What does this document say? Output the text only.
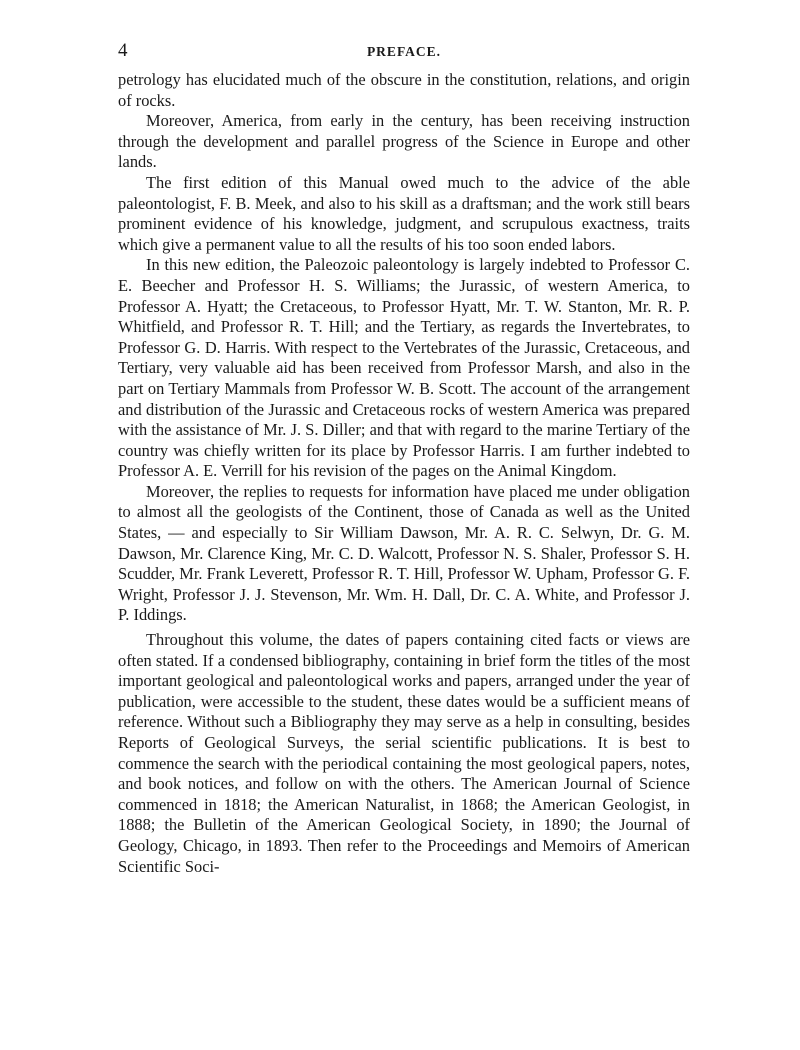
4	PREFACE.

petrology has elucidated much of the obscure in the constitution, relations, and origin of rocks.

Moreover, America, from early in the century, has been receiving instruction through the development and parallel progress of the Science in Europe and other lands.

The first edition of this Manual owed much to the advice of the able paleontologist, F. B. Meek, and also to his skill as a draftsman; and the work still bears prominent evidence of his knowledge, judgment, and scrupulous exactness, traits which give a permanent value to all the results of his too soon ended labors.

In this new edition, the Paleozoic paleontology is largely indebted to Professor C. E. Beecher and Professor H. S. Williams; the Jurassic, of western America, to Professor A. Hyatt; the Cretaceous, to Professor Hyatt, Mr. T. W. Stanton, Mr. R. P. Whitfield, and Professor R. T. Hill; and the Tertiary, as regards the Invertebrates, to Professor G. D. Harris. With respect to the Vertebrates of the Jurassic, Cretaceous, and Tertiary, very valuable aid has been received from Professor Marsh, and also in the part on Tertiary Mammals from Professor W. B. Scott. The account of the arrangement and distribution of the Jurassic and Cretaceous rocks of western America was prepared with the assistance of Mr. J. S. Diller; and that with regard to the marine Tertiary of the country was chiefly written for its place by Professor Harris. I am further indebted to Professor A. E. Verrill for his revision of the pages on the Animal Kingdom.

Moreover, the replies to requests for information have placed me under obligation to almost all the geologists of the Continent, those of Canada as well as the United States, — and especially to Sir William Dawson, Mr. A. R. C. Selwyn, Dr. G. M. Dawson, Mr. Clarence King, Mr. C. D. Walcott, Professor N. S. Shaler, Professor S. H. Scudder, Mr. Frank Leverett, Professor R. T. Hill, Professor W. Upham, Professor G. F. Wright, Professor J. J. Stevenson, Mr. Wm. H. Dall, Dr. C. A. White, and Professor J. P. Iddings.

Throughout this volume, the dates of papers containing cited facts or views are often stated. If a condensed bibliography, containing in brief form the titles of the most important geological and paleontological works and papers, arranged under the year of publication, were accessible to the student, these dates would be a sufficient means of reference. Without such a Bibliography they may serve as a help in consulting, besides Reports of Geological Surveys, the serial scientific publications. It is best to commence the search with the periodical containing the most geological papers, notes, and book notices, and follow on with the others. The American Journal of Science commenced in 1818; the American Naturalist, in 1868; the American Geologist, in 1888; the Bulletin of the American Geological Society, in 1890; the Journal of Geology, Chicago, in 1893. Then refer to the Proceedings and Memoirs of American Scientific Soci-
